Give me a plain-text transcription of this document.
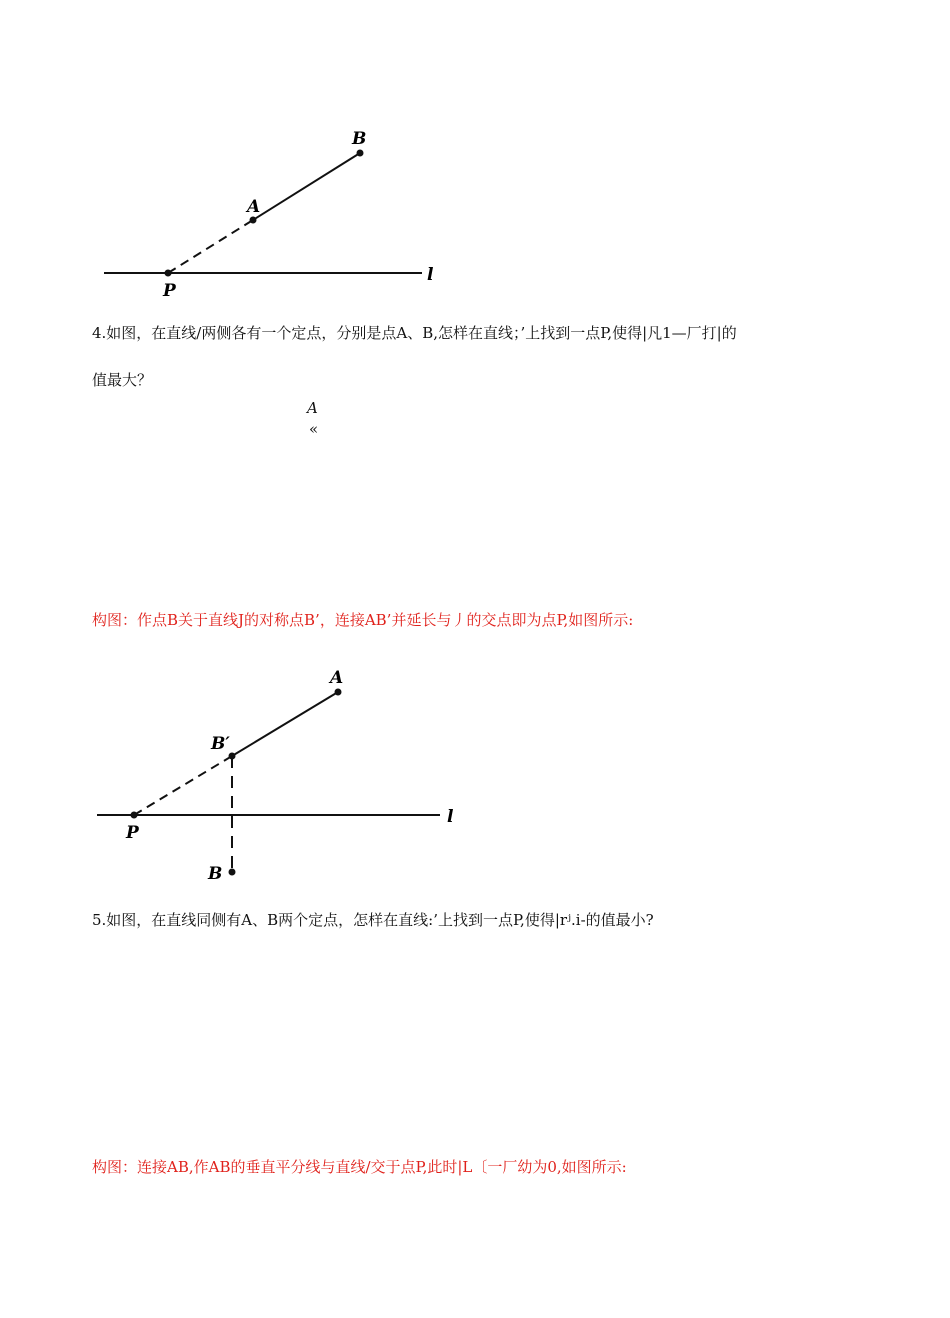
B
A
P
l

4.如图，在直线/两侧各有一个定点，分别是点A、B,怎样在直线；’上找到一点P,使得|凡1—厂打|的

值最大？

A
«

构图：作点B关于直线J的对称点B’，连接AB’并延长与丿的交点即为点P,如图所示:

A
B′
P
l
B

5.如图，在直线同侧有A、B两个定点，怎样在直线:’上找到一点P,使得|rʲ.i-的值最小?

构图：连接AB,作AB的垂直平分线与直线/交于点P,此时|L〔一厂幼为0,如图所示:
